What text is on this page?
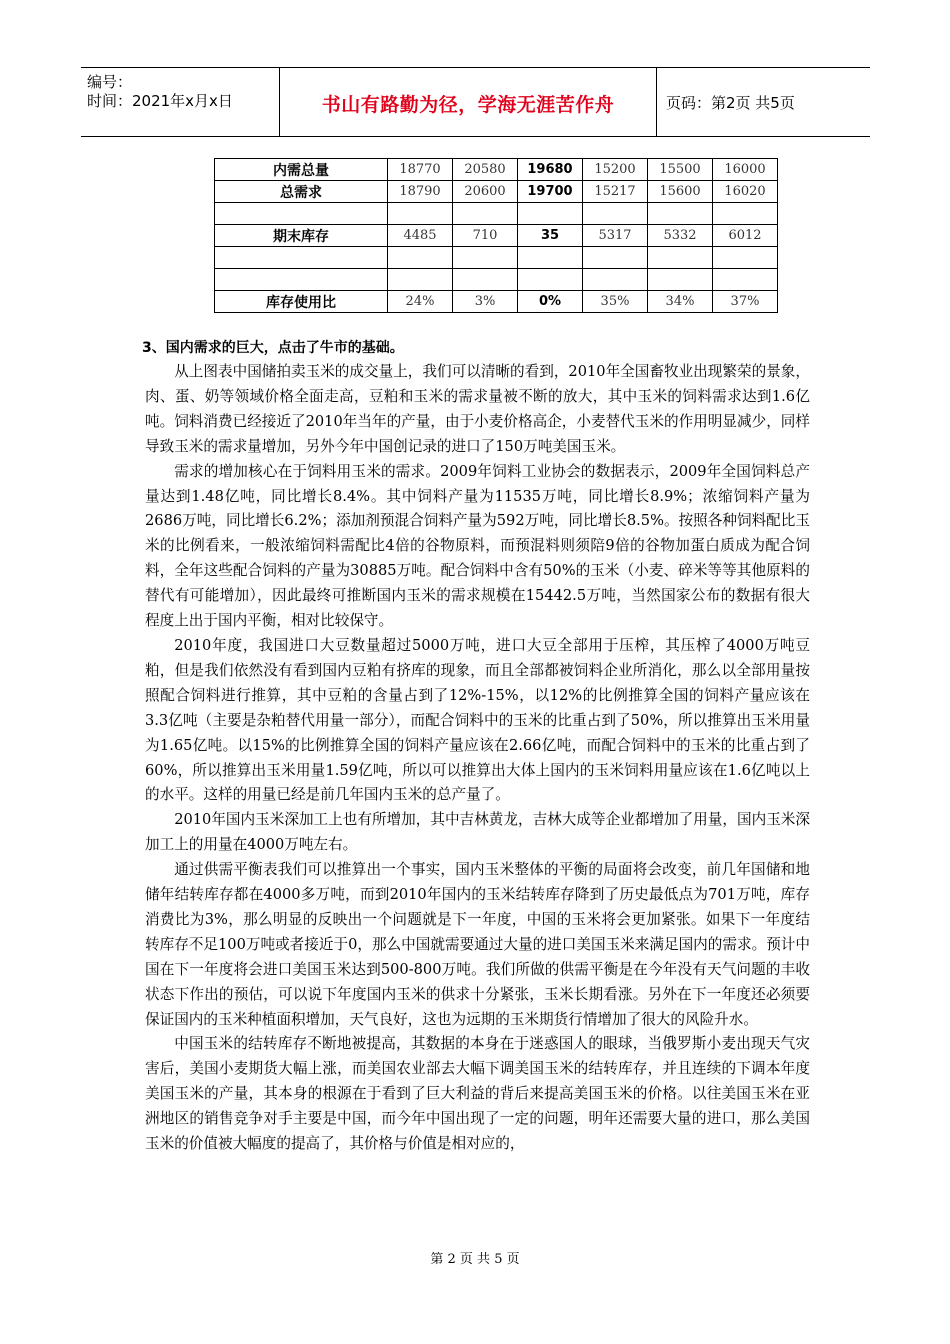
编号：
时间：2021年x月x日	书山有路勤为径，学海无涯苦作舟	页码：第2页 共5页
内需总量	18770	20580	19680	15200	15500	16000
总需求	18790	20600	19700	15217	15600	16020

期末库存	4485	710	35	5317	5332	6012

库存使用比	24%	3%	0%	35%	34%	37%
3、国内需求的巨大，点击了牛市的基础。

从上图表中国储拍卖玉米的成交量上，我们可以清晰的看到，2010年全国畜牧业出现繁荣的景象，肉、蛋、奶等领域价格全面走高，豆粕和玉米的需求量被不断的放大，其中玉米的饲料需求达到1.6亿吨。饲料消费已经接近了2010年当年的产量，由于小麦价格高企，小麦替代玉米的作用明显减少，同样导致玉米的需求量增加，另外今年中国创记录的进口了150万吨美国玉米。

需求的增加核心在于饲料用玉米的需求。2009年饲料工业协会的数据表示，2009年全国饲料总产量达到1.48亿吨，同比增长8.4%。其中饲料产量为11535万吨，同比增长8.9%；浓缩饲料产量为2686万吨，同比增长6.2%；添加剂预混合饲料产量为592万吨，同比增长8.5%。按照各种饲料配比玉米的比例看来，一般浓缩饲料需配比4倍的谷物原料，而预混料则须陪9倍的谷物加蛋白质成为配合饲料，全年这些配合饲料的产量为30885万吨。配合饲料中含有50%的玉米（小麦、碎米等等其他原料的替代有可能增加），因此最终可推断国内玉米的需求规模在15442.5万吨，当然国家公布的数据有很大程度上出于国内平衡，相对比较保守。

2010年度，我国进口大豆数量超过5000万吨，进口大豆全部用于压榨，其压榨了4000万吨豆粕，但是我们依然没有看到国内豆粕有挤库的现象，而且全部都被饲料企业所消化，那么以全部用量按照配合饲料进行推算，其中豆粕的含量占到了12%-15%，以12%的比例推算全国的饲料产量应该在3.3亿吨（主要是杂粕替代用量一部分），而配合饲料中的玉米的比重占到了50%，所以推算出玉米用量为1.65亿吨。以15%的比例推算全国的饲料产量应该在2.66亿吨，而配合饲料中的玉米的比重占到了60%，所以推算出玉米用量1.59亿吨，所以可以推算出大体上国内的玉米饲料用量应该在1.6亿吨以上的水平。这样的用量已经是前几年国内玉米的总产量了。

2010年国内玉米深加工上也有所增加，其中吉林黄龙，吉林大成等企业都增加了用量，国内玉米深加工上的用量在4000万吨左右。

通过供需平衡表我们可以推算出一个事实，国内玉米整体的平衡的局面将会改变，前几年国储和地储年结转库存都在4000多万吨，而到2010年国内的玉米结转库存降到了历史最低点为701万吨，库存消费比为3%，那么明显的反映出一个问题就是下一年度，中国的玉米将会更加紧张。如果下一年度结转库存不足100万吨或者接近于0，那么中国就需要通过大量的进口美国玉米来满足国内的需求。预计中国在下一年度将会进口美国玉米达到500-800万吨。我们所做的供需平衡是在今年没有天气问题的丰收状态下作出的预估，可以说下年度国内玉米的供求十分紧张，玉米长期看涨。另外在下一年度还必须要保证国内的玉米种植面积增加，天气良好，这也为远期的玉米期货行情增加了很大的风险升水。

中国玉米的结转库存不断地被提高，其数据的本身在于迷惑国人的眼球，当俄罗斯小麦出现天气灾害后，美国小麦期货大幅上涨，而美国农业部去大幅下调美国玉米的结转库存，并且连续的下调本年度美国玉米的产量，其本身的根源在于看到了巨大利益的背后来提高美国玉米的价格。以往美国玉米在亚洲地区的销售竞争对手主要是中国，而今年中国出现了一定的问题，明年还需要大量的进口，那么美国玉米的价值被大幅度的提高了，其价格与价值是相对应的，

第 2 页 共 5 页
